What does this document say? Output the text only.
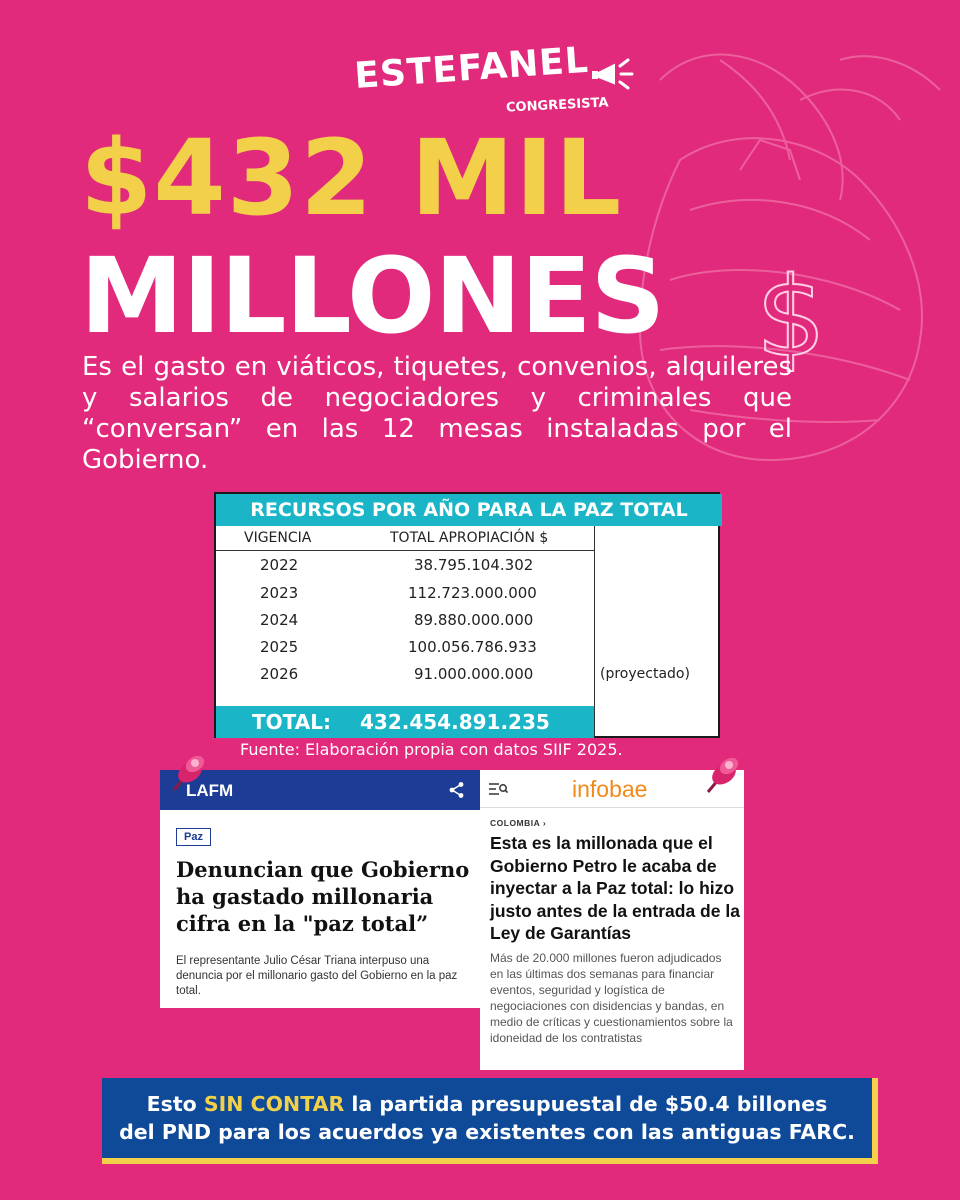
ESTEFANEL
CONGRESISTA
$432 MIL
MILLONES $

Es el gasto en viáticos, tiquetes, convenios, alquileres y salarios de negociadores y criminales que “conversan” en las 12 mesas instaladas por el Gobierno.

RECURSOS POR AÑO PARA LA PAZ TOTAL
VIGENCIA	TOTAL APROPIACIÓN $
2022	38.795.104.302
2023	112.723.000.000
2024	89.880.000.000
2025	100.056.786.933
2026	91.000.000.000	(proyectado)
TOTAL: 432.454.891.235
Fuente: Elaboración propia con datos SIIF 2025.
LAFM
Paz
Denuncian que Gobierno ha gastado millonaria cifra en la "paz total”
El representante Julio César Triana interpuso una denuncia por el millonario gasto del Gobierno en la paz total.
infobae
COLOMBIA ›
Esta es la millonada que el Gobierno Petro le acaba de inyectar a la Paz total: lo hizo justo antes de la entrada de la Ley de Garantías
Más de 20.000 millones fueron adjudicados en las últimas dos semanas para financiar eventos, seguridad y logística de negociaciones con disidencias y bandas, en medio de críticas y cuestionamientos sobre la idoneidad de los contratistas
Esto SIN CONTAR la partida presupuestal de $50.4 billones
del PND para los acuerdos ya existentes con las antiguas FARC.
